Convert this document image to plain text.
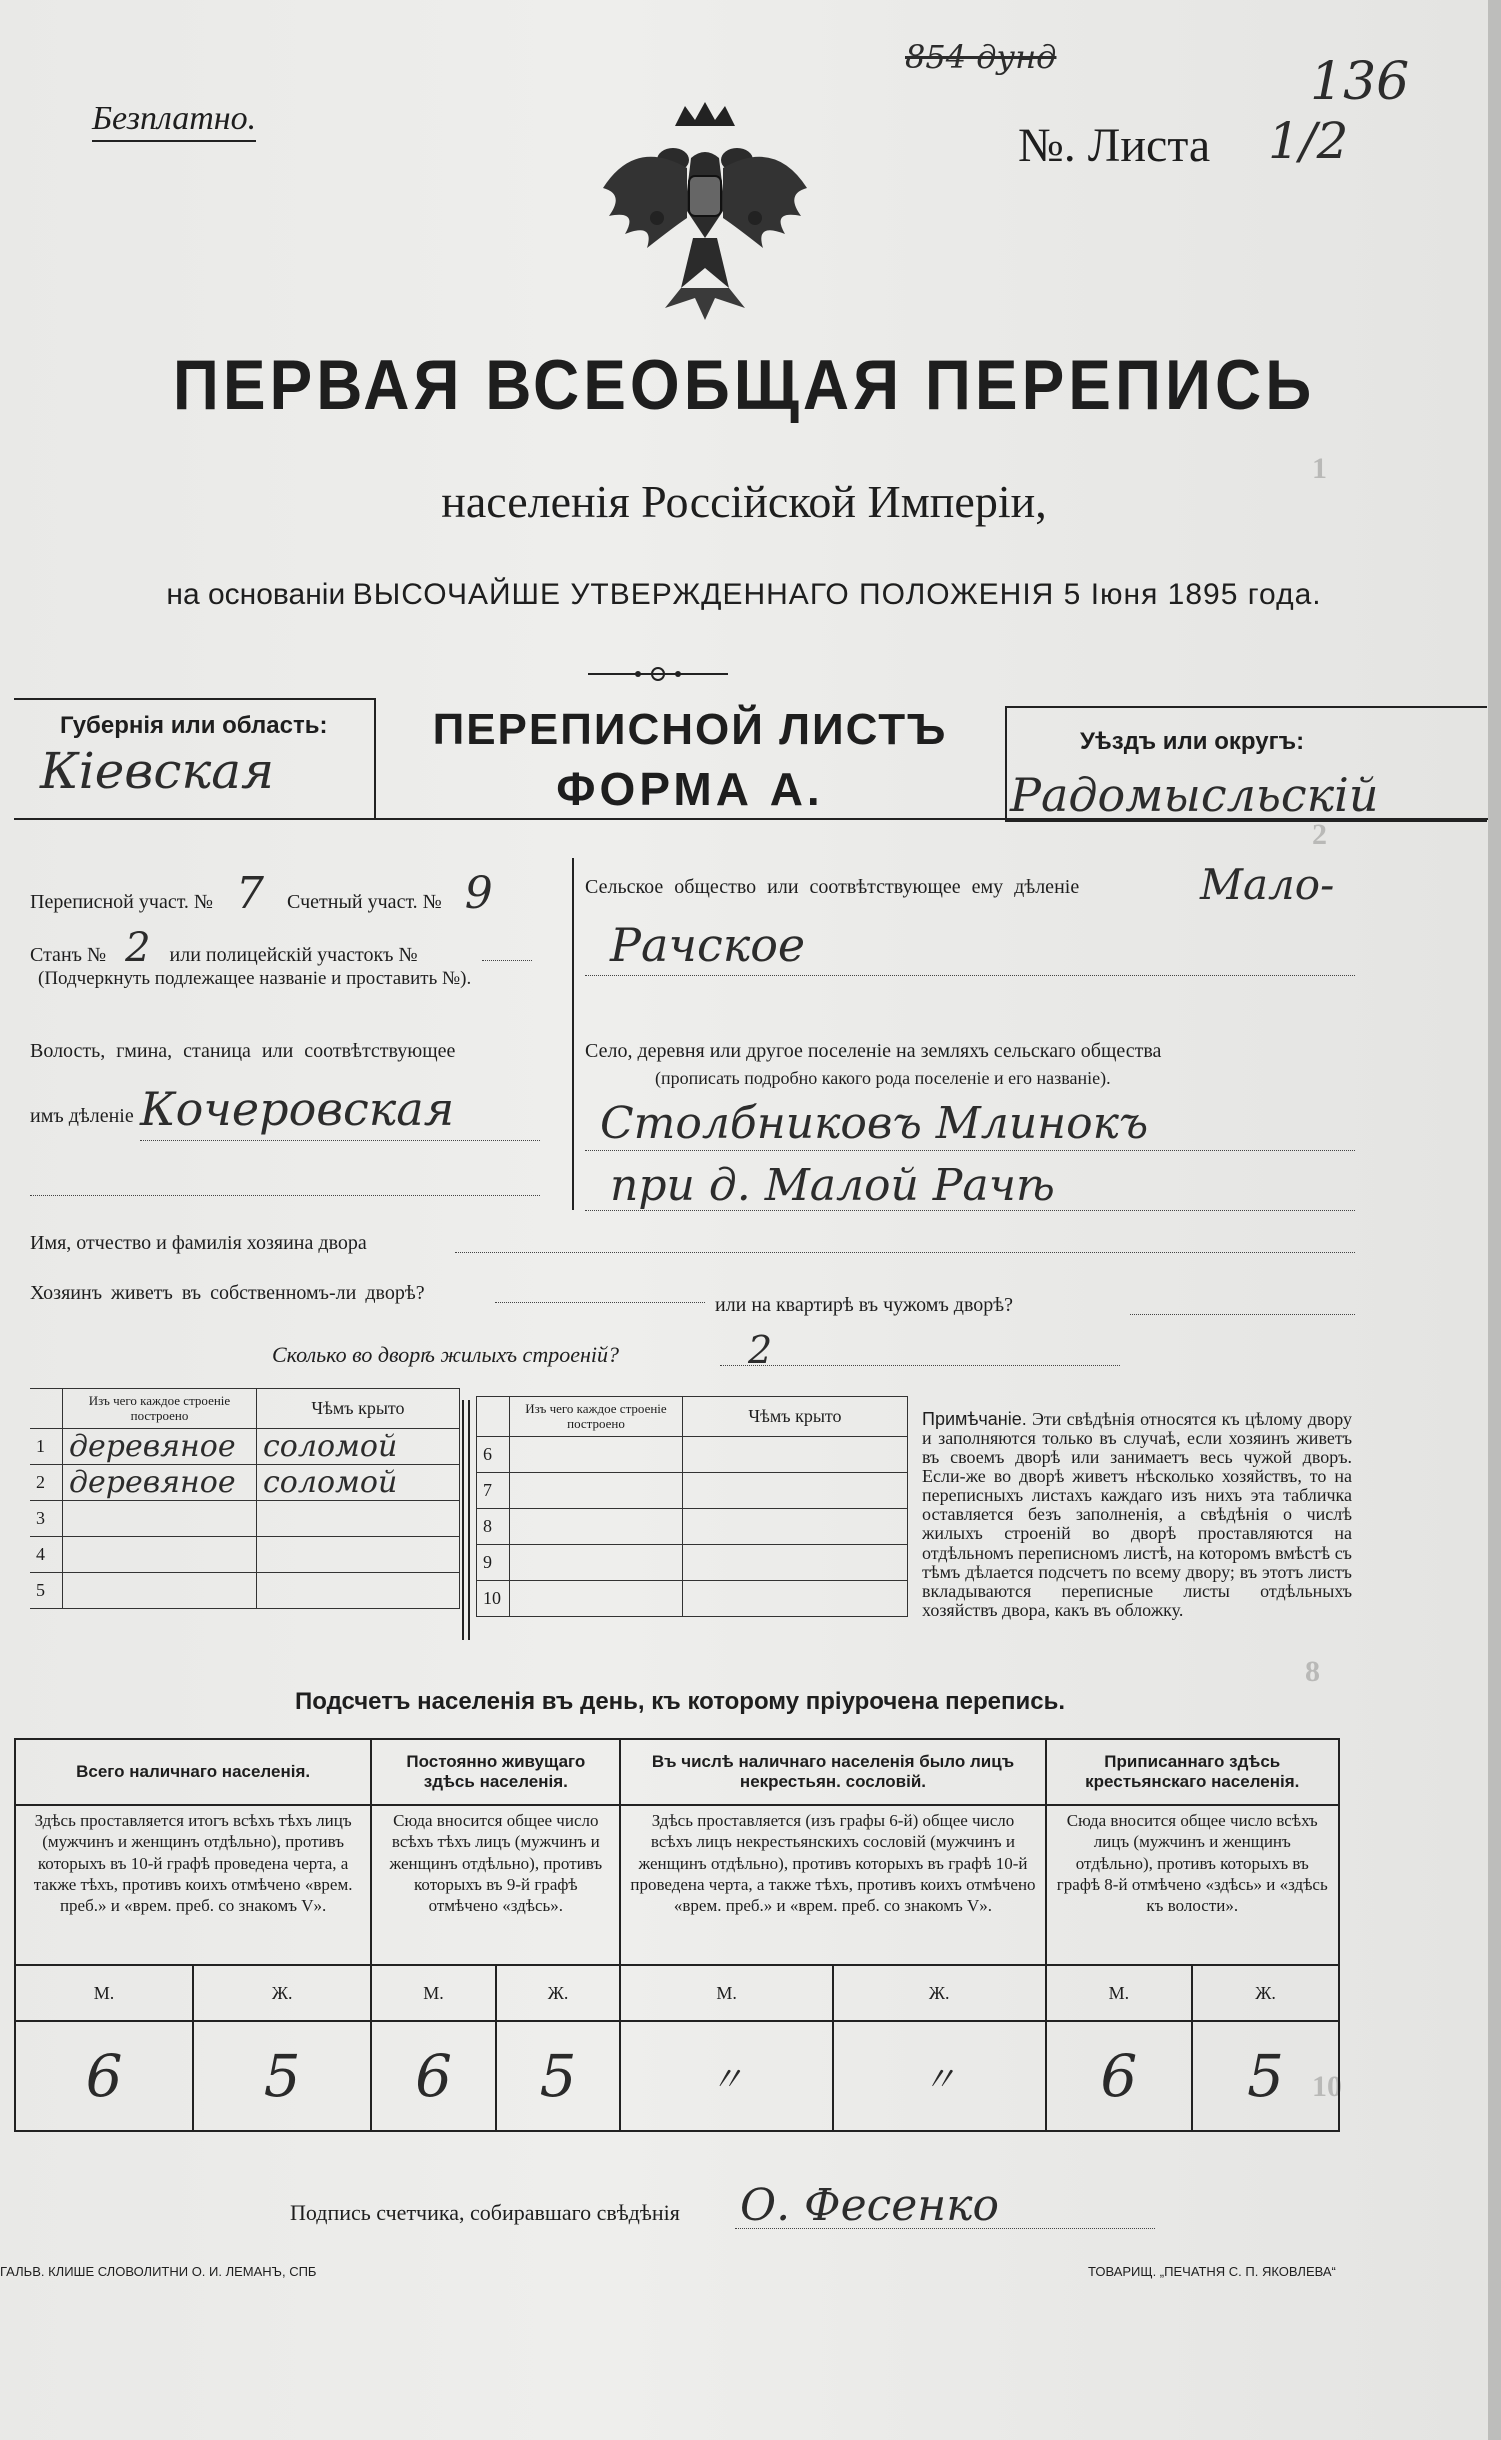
1
2
8
10
Безплатно.
854 дунд	136
№. Листа 1/2
ПЕРВАЯ ВСЕОБЩАЯ ПЕРЕПИСЬ
населенія Россійской Имперіи,
на основаніи ВЫСОЧАЙШЕ УТВЕРЖДЕННАГО ПОЛОЖЕНІЯ 5 Іюня 1895 года.
Губернія или область:
Кіевская
ПЕРЕПИСНОЙ ЛИСТЪ
ФОРМА А.
Уѣздъ или округъ:
Радомысльскій
Переписной участ. № 7 Счетный участ. № 9
Станъ № 2 или полицейскій участокъ №
(Подчеркнуть подлежащее названіе и проставить №).
Волость, гмина, станица или соотвѣтствующее
имъ дѣленіе Кочеровская
Сельское общество или соотвѣтствующее ему дѣленіе	Мало-
Рачское
Село, деревня или другое поселеніе на земляхъ сельскаго общества
(прописать подробно какого рода поселеніе и его названіе).
Столбниковъ Млинокъ
при д. Малой Рачѣ
Имя, отчество и фамилія хозяина двора
Хозяинъ живетъ въ собственномъ-ли дворѣ?
или на квартирѣ въ чужомъ дворѣ?
Сколько во дворѣ жилыхъ строеній?	2
	Изъ чего каждое строеніе построено	Чѣмъ крыто
1	деревяное	соломой
2	деревяное	соломой
3		
4		
5		
	Изъ чего каждое строеніе построено	Чѣмъ крыто
6		
7		
8		
9		
10		
Примѣчаніе. Эти свѣдѣнія относятся къ цѣлому двору и заполняются только въ случаѣ, если хозяинъ живетъ въ своемъ дворѣ или занимаетъ весь чужой дворъ. Если-же во дворѣ живетъ нѣсколько хозяйствъ, то на переписныхъ листахъ каждаго изъ нихъ эта табличка оставляется безъ заполненія, а свѣдѣнія о числѣ жилыхъ строеній во дворѣ проставляются на отдѣльномъ переписномъ листѣ, на которомъ вмѣстѣ съ тѣмъ дѣлается подсчетъ по всему двору; въ этотъ листъ вкладываются переписные листы отдѣльныхъ хозяйствъ двора, какъ въ обложку.
Подсчетъ населенія въ день, къ которому пріурочена перепись.
Всего наличнаго населенія.		Постоянно живущаго здѣсь населенія.		Въ числѣ наличнаго населенія было лицъ некрестьян. сословій.		Приписаннаго здѣсь крестьянскаго населенія.	
Здѣсь проставляется итогъ всѣхъ тѣхъ лицъ (мужчинъ и женщинъ отдѣльно), противъ которыхъ въ 10-й графѣ проведена черта, а также тѣхъ, противъ коихъ отмѣчено «врем. преб.» и «врем. преб. со знакомъ V».		Сюда вносится общее число всѣхъ тѣхъ лицъ (мужчинъ и женщинъ отдѣльно), противъ которыхъ въ 9-й графѣ отмѣчено «здѣсь».		Здѣсь проставляется (изъ графы 6-й) общее число всѣхъ лицъ некрестьянскихъ сословій (мужчинъ и женщинъ отдѣльно), противъ которыхъ въ графѣ 10-й проведена черта, а также тѣхъ, противъ коихъ отмѣчено «врем. преб.» и «врем. преб. со знакомъ V».		Сюда вносится общее число всѣхъ лицъ (мужчинъ и женщинъ отдѣльно), противъ которыхъ въ графѣ 8-й отмѣчено «здѣсь» и «здѣсь къ волости».	
М.	Ж.	М.	Ж.	М.	Ж.	М.	Ж.
6	5	6	5	〃	〃	6	5
Подпись счетчика, собиравшаго свѣдѣнія О. Фесенко
ГАЛЬВ. КЛИШЕ СЛОВОЛИТНИ О. И. ЛЕМАНЪ, СПБ	ТОВАРИЩ. „ПЕЧАТНЯ С. П. ЯКОВЛЕВА“
